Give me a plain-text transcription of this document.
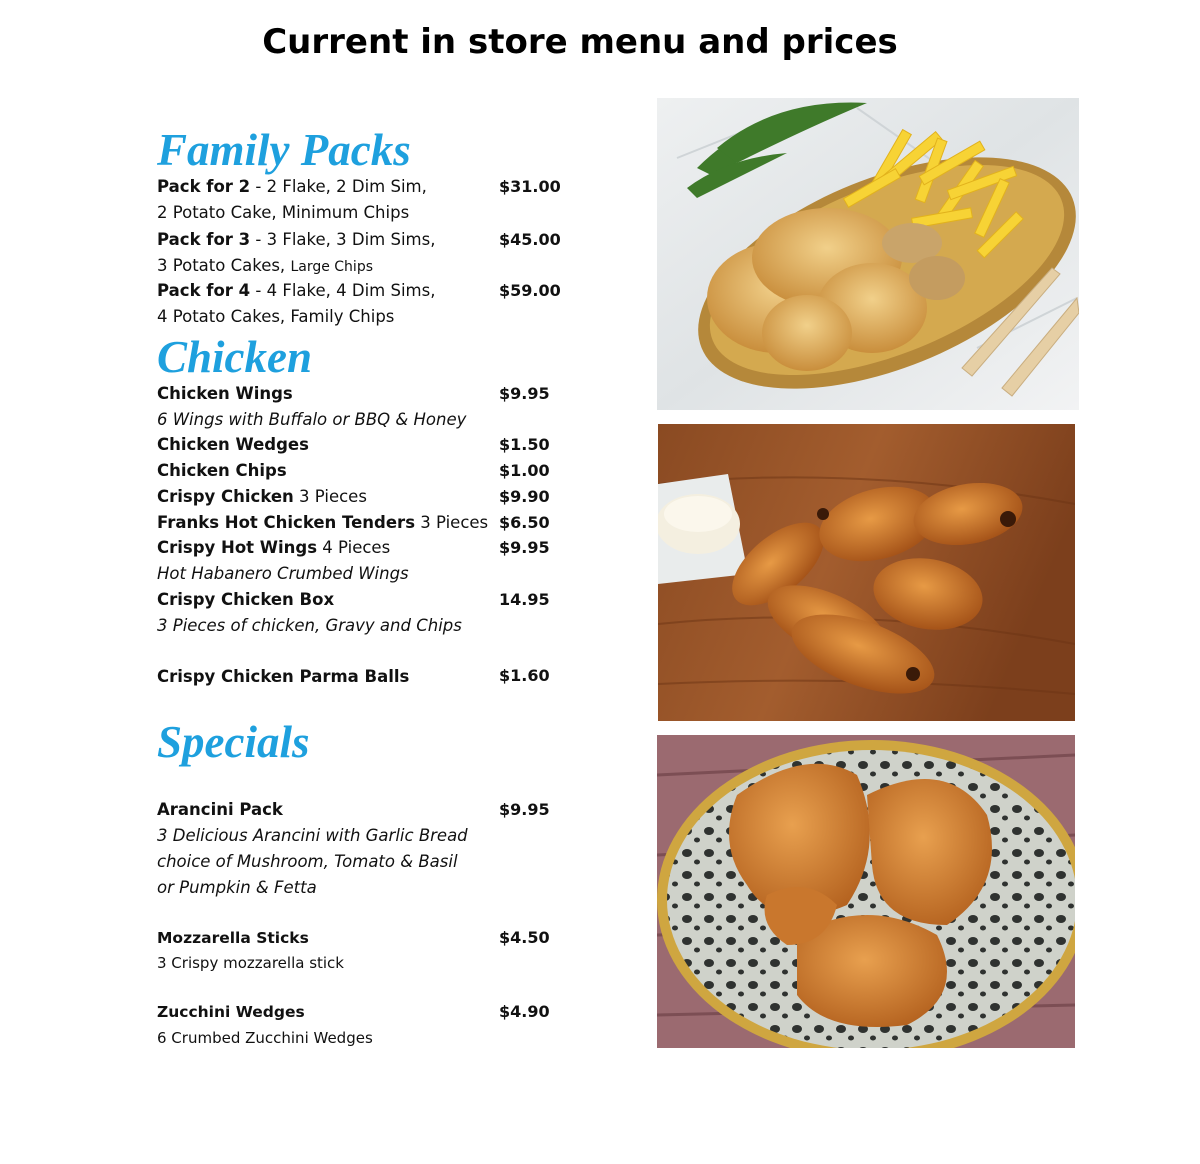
Current in store menu and prices
Family Packs
Pack for 2 - 2 Flake, 2 Dim Sim,	$31.00
2 Potato Cake, Minimum Chips
Pack for 3 - 3 Flake, 3 Dim Sims,	$45.00
3 Potato Cakes, Large Chips
Pack for 4 - 4 Flake, 4 Dim Sims,	$59.00
4 Potato Cakes, Family Chips
Chicken
Chicken Wings	$9.95
6 Wings with Buffalo or BBQ & Honey
Chicken Wedges	$1.50
Chicken Chips	$1.00
Crispy Chicken 3 Pieces	$9.90
Franks Hot Chicken Tenders 3 Pieces $6.50
Crispy Hot Wings 4 Pieces	$9.95
Hot Habanero Crumbed Wings
Crispy Chicken Box	14.95
3 Pieces of chicken, Gravy and Chips
Crispy Chicken Parma Balls	$1.60
Specials
Arancini Pack	$9.95
3 Delicious Arancini with Garlic Bread
choice of Mushroom, Tomato & Basil
or Pumpkin & Fetta
Mozzarella Sticks	$4.50
3 Crispy mozzarella stick
Zucchini Wedges	$4.90
6 Crumbed Zucchini Wedges
